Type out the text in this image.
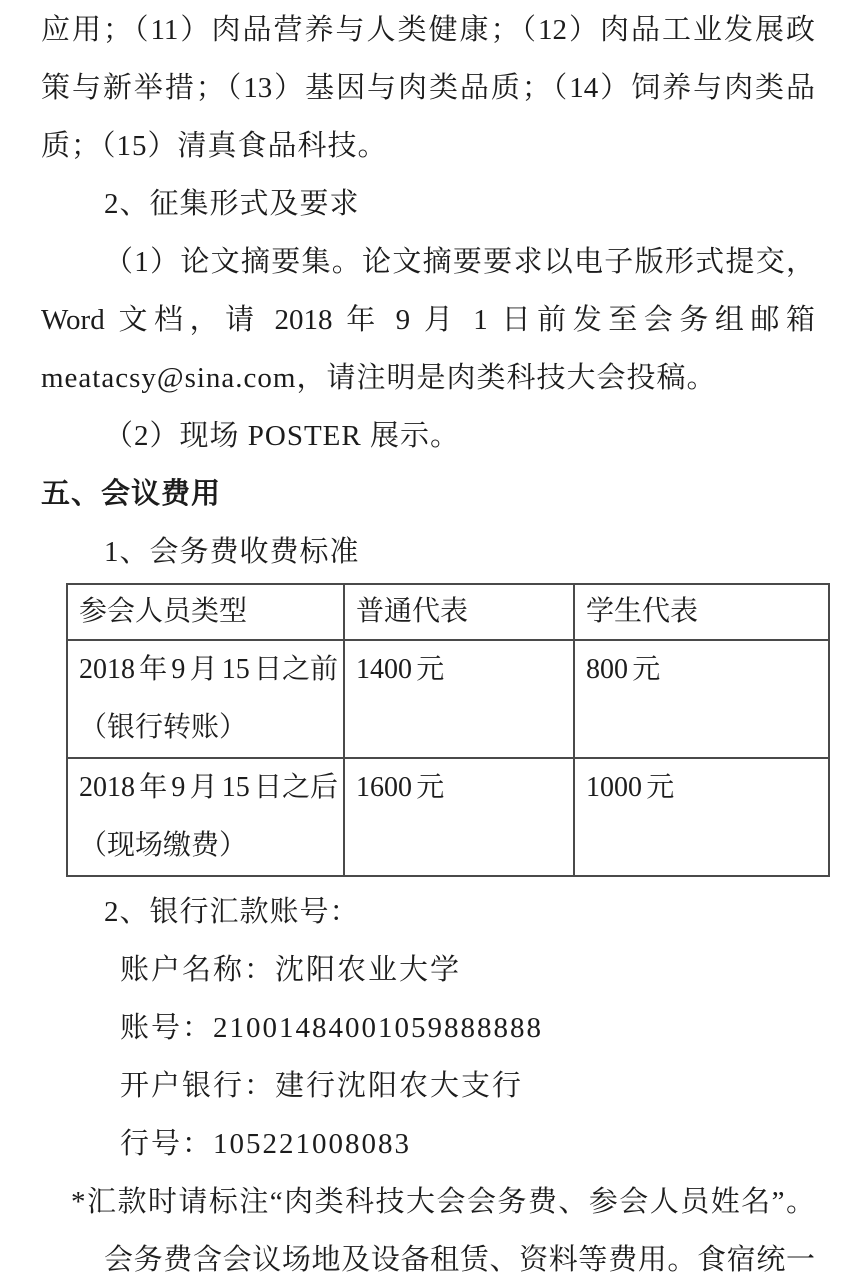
应用；（11）肉品营养与人类健康；（12）肉品工业发展政
策与新举措；（13）基因与肉类品质；（14）饲养与肉类品
质；（15）清真食品科技。
2、征集形式及要求
（1）论文摘要集。论文摘要要求以电子版形式提交，
Word 文档，请 2018 年 9 月 1 日前发至会务组邮箱
meatacsy@sina.com，请注明是肉类科技大会投稿。
（2）现场 POSTER 展示。
五、会议费用
1、会务费收费标准
参会人员类型	普通代表	学生代表

2018 年 9 月 15 日之前
（银行转账）	1400 元	800 元

2018 年 9 月 15 日之后
（现场缴费）	1600 元	1000 元
2、银行汇款账号：
账户名称：沈阳农业大学
账号：21001484001059888888
开户银行：建行沈阳农大支行
行号：105221008083
*汇款时请标注“肉类科技大会会务费、参会人员姓名”。
会务费含会议场地及设备租赁、资料等费用。食宿统一
